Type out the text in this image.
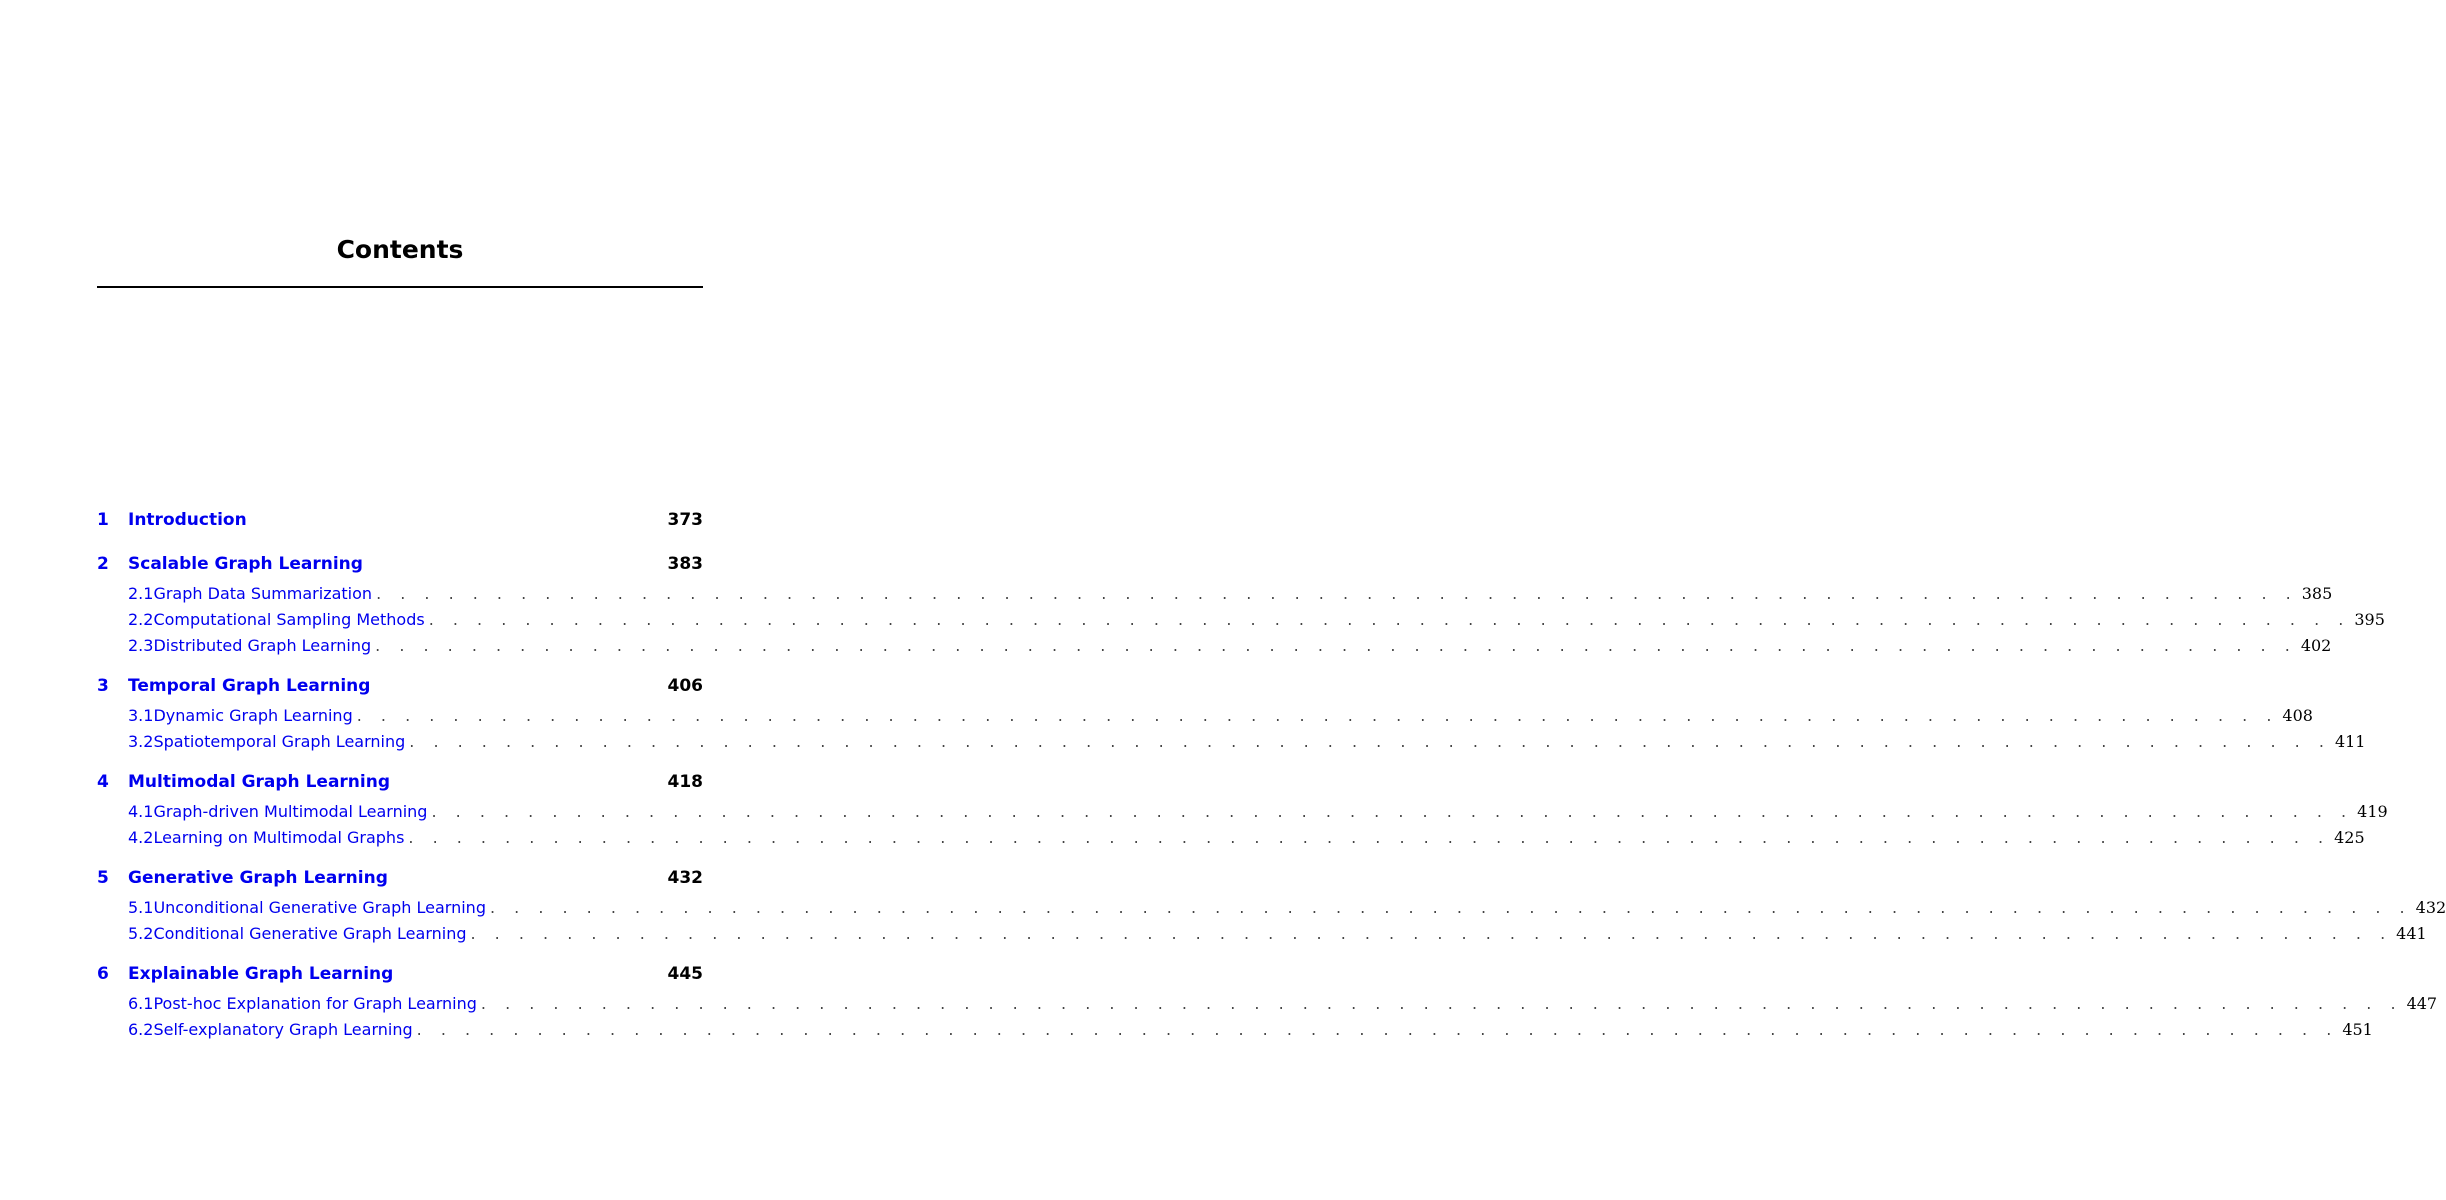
Contents
1	Introduction	373
2	Scalable Graph Learning	383
2.1 Graph Data Summarization . . . . . . . . . . . . . . . . . . . . . . . . . . . . . . . . . . . . . . . . . . . . . . . . . . . . . . . . . . . . . . . . . . . . . . . . . . . . . . . . 385
2.2 Computational Sampling Methods . . . . . . . . . . . . . . . . . . . . . . . . . . . . . . . . . . . . . . . . . . . . . . . . . . . . . . . . . . . . . . . . . . . . . . . . . . . . . . . . 395
2.3 Distributed Graph Learning . . . . . . . . . . . . . . . . . . . . . . . . . . . . . . . . . . . . . . . . . . . . . . . . . . . . . . . . . . . . . . . . . . . . . . . . . . . . . . . . 402
3	Temporal Graph Learning	406
3.1 Dynamic Graph Learning . . . . . . . . . . . . . . . . . . . . . . . . . . . . . . . . . . . . . . . . . . . . . . . . . . . . . . . . . . . . . . . . . . . . . . . . . . . . . . . . 408
3.2 Spatiotemporal Graph Learning . . . . . . . . . . . . . . . . . . . . . . . . . . . . . . . . . . . . . . . . . . . . . . . . . . . . . . . . . . . . . . . . . . . . . . . . . . . . . . . . 411
4	Multimodal Graph Learning	418
4.1 Graph-driven Multimodal Learning . . . . . . . . . . . . . . . . . . . . . . . . . . . . . . . . . . . . . . . . . . . . . . . . . . . . . . . . . . . . . . . . . . . . . . . . . . . . . . . . 419
4.2 Learning on Multimodal Graphs . . . . . . . . . . . . . . . . . . . . . . . . . . . . . . . . . . . . . . . . . . . . . . . . . . . . . . . . . . . . . . . . . . . . . . . . . . . . . . . . 425
5	Generative Graph Learning	432
5.1 Unconditional Generative Graph Learning . . . . . . . . . . . . . . . . . . . . . . . . . . . . . . . . . . . . . . . . . . . . . . . . . . . . . . . . . . . . . . . . . . . . . . . . . . . . . . . . 432
5.2 Conditional Generative Graph Learning . . . . . . . . . . . . . . . . . . . . . . . . . . . . . . . . . . . . . . . . . . . . . . . . . . . . . . . . . . . . . . . . . . . . . . . . . . . . . . . . 441
6	Explainable Graph Learning	445
6.1 Post-hoc Explanation for Graph Learning . . . . . . . . . . . . . . . . . . . . . . . . . . . . . . . . . . . . . . . . . . . . . . . . . . . . . . . . . . . . . . . . . . . . . . . . . . . . . . . . 447
6.2 Self-explanatory Graph Learning . . . . . . . . . . . . . . . . . . . . . . . . . . . . . . . . . . . . . . . . . . . . . . . . . . . . . . . . . . . . . . . . . . . . . . . . . . . . . . . . 451
